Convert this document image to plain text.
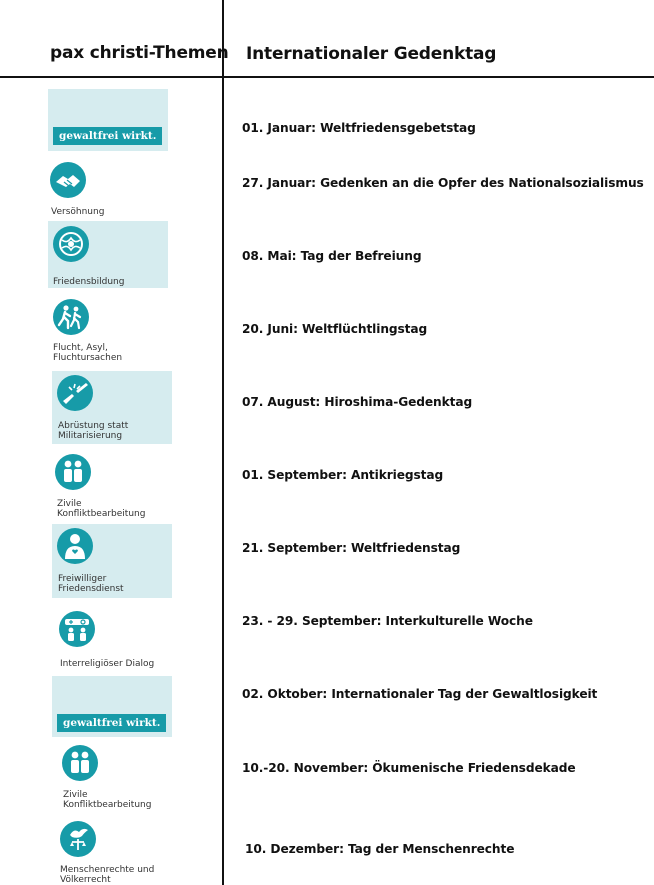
pax christi-Themen Internationaler Gedenktag
gewaltfrei wirkt.
Versöhnung
Friedensbildung
Flucht, Asyl,
Fluchtursachen
Abrüstung statt
Militarisierung
Zivile
Konfliktbearbeitung
Freiwilliger
Friedensdienst
Interreligiöser Dialog
gewaltfrei wirkt.
Zivile
Konfliktbearbeitung
Menschenrechte und
Völkerrecht
01. Januar: Weltfriedensgebetstag
27. Januar: Gedenken an die Opfer des Nationalsozialismus
08. Mai: Tag der Befreiung
20. Juni: Weltflüchtlingstag
07. August: Hiroshima-Gedenktag
01. September: Antikriegstag
21. September: Weltfriedenstag
23. - 29. September: Interkulturelle Woche
02. Oktober: Internationaler Tag der Gewaltlosigkeit
10.-20. November: Ökumenische Friedensdekade
10. Dezember: Tag der Menschenrechte
